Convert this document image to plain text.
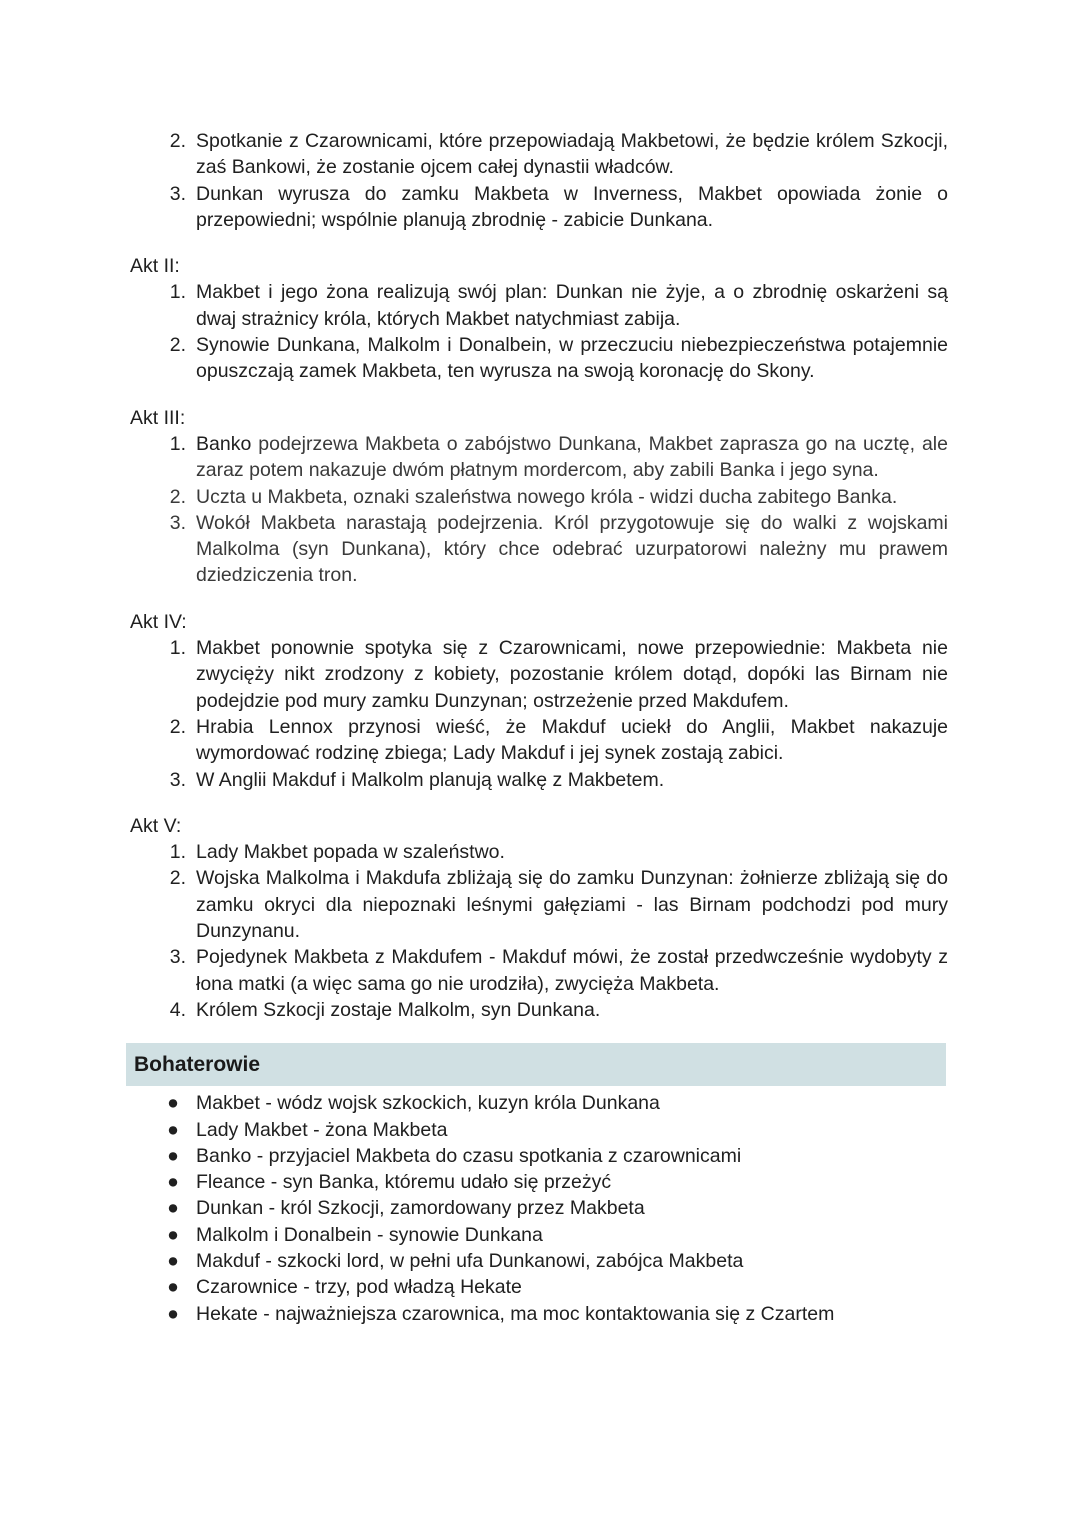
2. Spotkanie z Czarownicami, które przepowiadają Makbetowi, że będzie królem Szkocji, zaś Bankowi, że zostanie ojcem całej dynastii władców.
3. Dunkan wyrusza do zamku Makbeta w Inverness, Makbet opowiada żonie o przepowiedni; wspólnie planują zbrodnię - zabicie Dunkana.
Akt II:
1. Makbet i jego żona realizują swój plan: Dunkan nie żyje, a o zbrodnię oskarżeni są dwaj strażnicy króla, których Makbet natychmiast zabija.
2. Synowie Dunkana, Malkolm i Donalbein, w przeczuciu niebezpieczeństwa potajemnie opuszczają zamek Makbeta, ten wyrusza na swoją koronację do Skony.
Akt III:
1. Banko podejrzewa Makbeta o zabójstwo Dunkana, Makbet zaprasza go na ucztę, ale zaraz potem nakazuje dwóm płatnym mordercom, aby zabili Banka i jego syna.
2. Uczta u Makbeta, oznaki szaleństwa nowego króla - widzi ducha zabitego Banka.
3. Wokół Makbeta narastają podejrzenia. Król przygotowuje się do walki z wojskami Malkolma (syn Dunkana), który chce odebrać uzurpatorowi należny mu prawem dziedziczenia tron.
Akt IV:
1. Makbet ponownie spotyka się z Czarownicami, nowe przepowiednie: Makbeta nie zwycięży nikt zrodzony z kobiety, pozostanie królem dotąd, dopóki las Birnam nie podejdzie pod mury zamku Dunzynan; ostrzeżenie przed Makdufem.
2. Hrabia Lennox przynosi wieść, że Makduf uciekł do Anglii, Makbet nakazuje wymordować rodzinę zbiega; Lady Makduf i jej synek zostają zabici.
3. W Anglii Makduf i Malkolm planują walkę z Makbetem.
Akt V:
1. Lady Makbet popada w szaleństwo.
2. Wojska Malkolma i Makdufa zbliżają się do zamku Dunzynan: żołnierze zbliżają się do zamku okryci dla niepoznaki leśnymi gałęziami - las Birnam podchodzi pod mury Dunzynanu.
3. Pojedynek Makbeta z Makdufem - Makduf mówi, że został przedwcześnie wydobyty z łona matki (a więc sama go nie urodziła), zwycięża Makbeta.
4. Królem Szkocji zostaje Malkolm, syn Dunkana.
Bohaterowie
● Makbet - wódz wojsk szkockich, kuzyn króla Dunkana
● Lady Makbet - żona Makbeta
● Banko - przyjaciel Makbeta do czasu spotkania z czarownicami
● Fleance - syn Banka, któremu udało się przeżyć
● Dunkan - król Szkocji, zamordowany przez Makbeta
● Malkolm i Donalbein - synowie Dunkana
● Makduf - szkocki lord, w pełni ufa Dunkanowi, zabójca Makbeta
● Czarownice - trzy, pod władzą Hekate
● Hekate - najważniejsza czarownica, ma moc kontaktowania się z Czartem
